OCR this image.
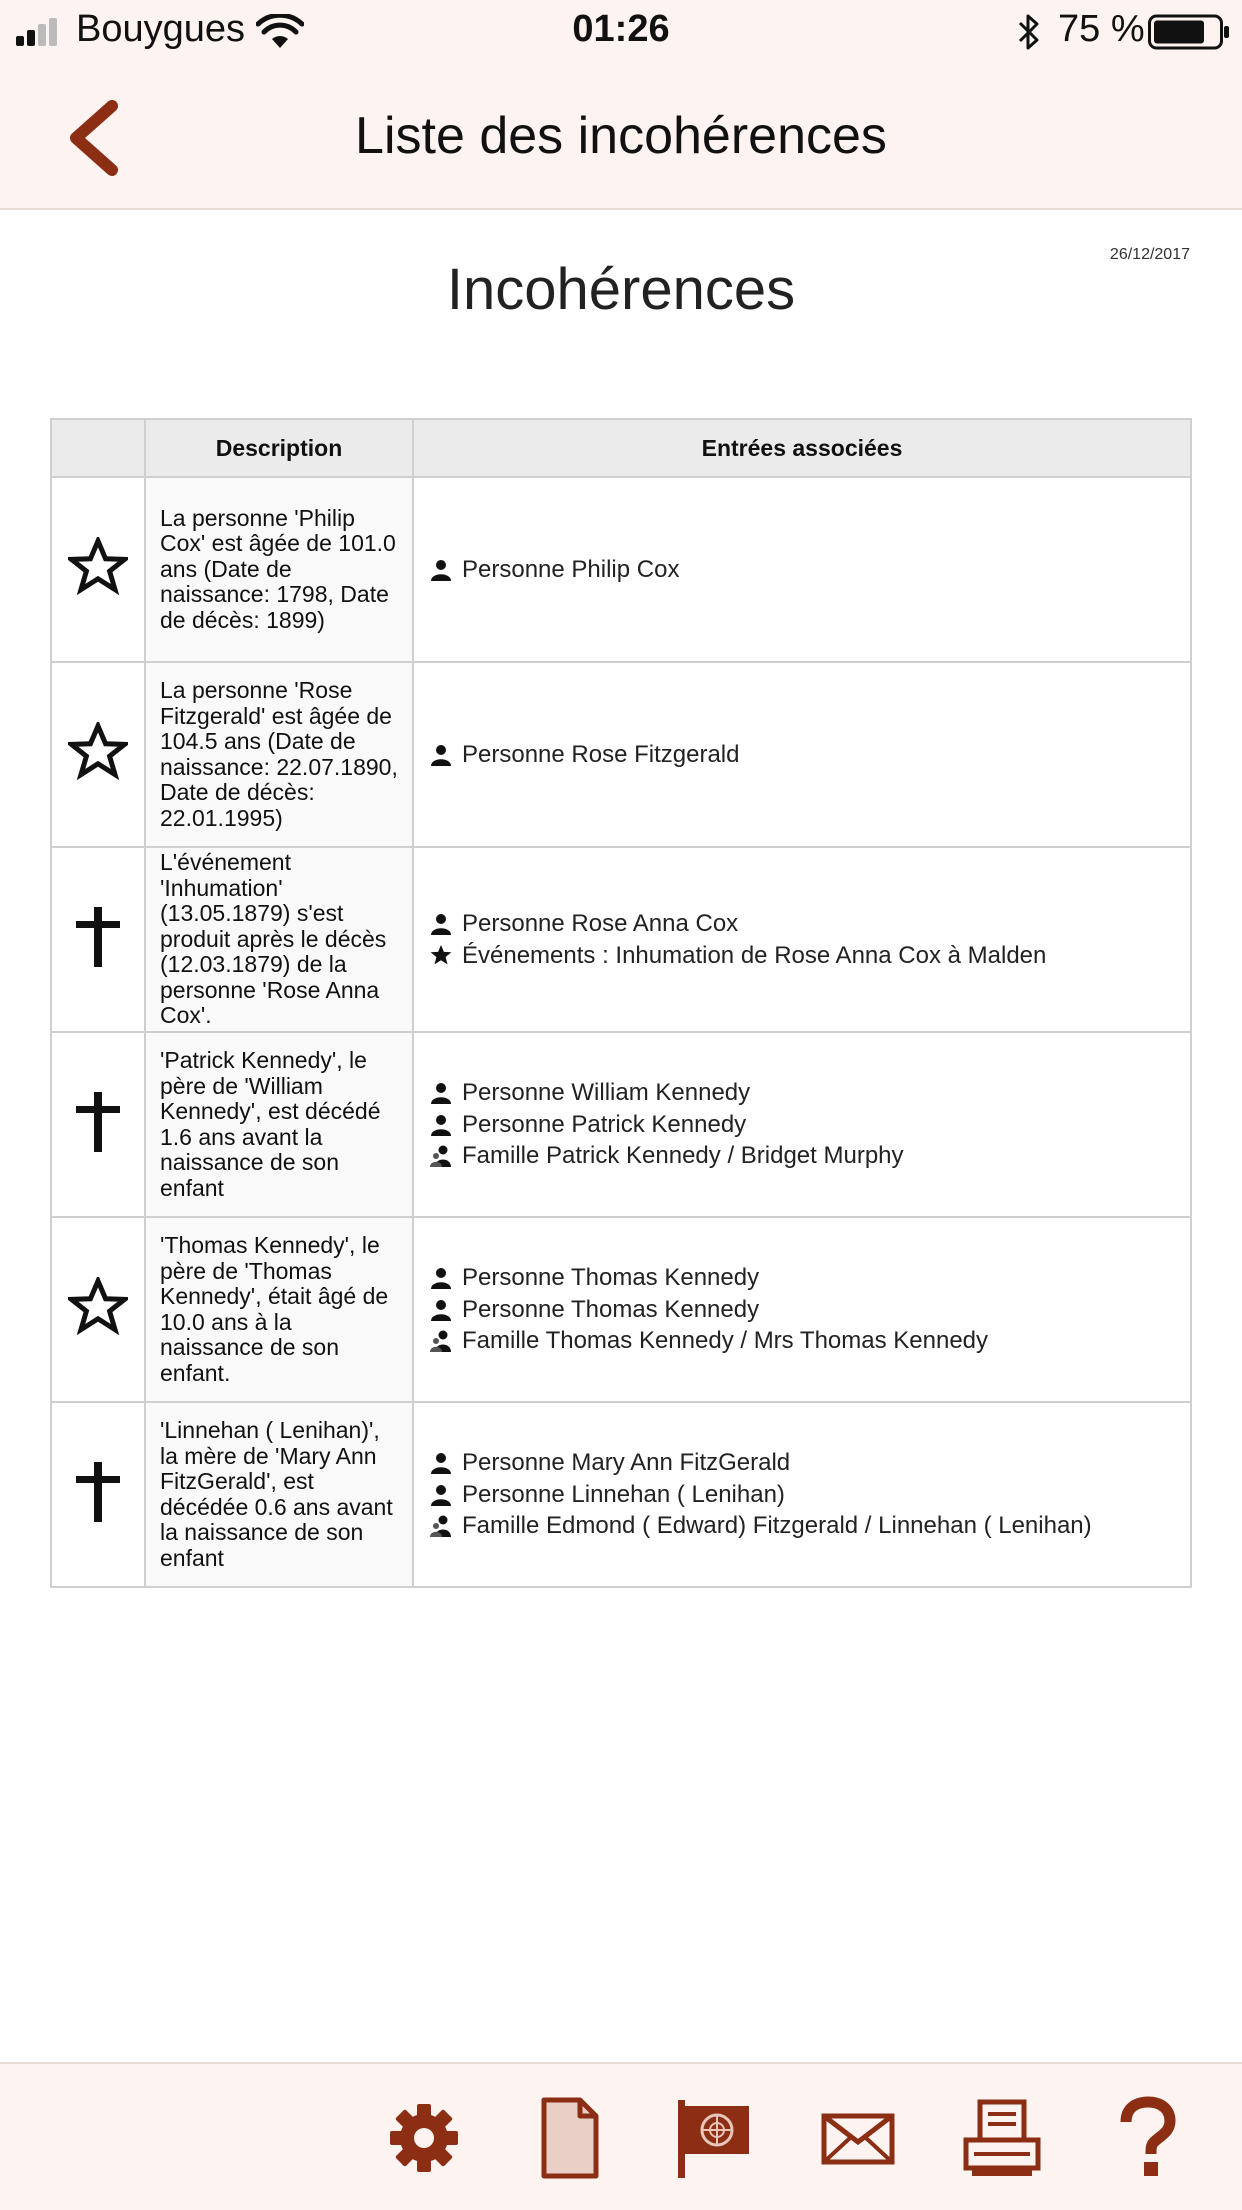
Bouygues	01:26	75 %
Liste des incohérences
26/12/2017
Incohérences
	Description	Entrées associées
	La personne 'Philip Cox' est âgée de 101.0 ans (Date de naissance: 1798, Date de décès: 1899)	Personne Philip Cox

	La personne 'Rose Fitzgerald' est âgée de 104.5 ans (Date de naissance: 22.07.1890, Date de décès: 22.01.1995)	Personne Rose Fitzgerald

	L'événement 'Inhumation' (13.05.1879) s'est produit après le décès (12.03.1879) de la personne 'Rose Anna Cox'.	Personne Rose Anna Cox
Événements : Inhumation de Rose Anna Cox à Malden

	'Patrick Kennedy', le père de 'William Kennedy', est décédé 1.6 ans avant la naissance de son enfant	Personne William Kennedy
Personne Patrick Kennedy
Famille Patrick Kennedy / Bridget Murphy

	'Thomas Kennedy', le père de 'Thomas Kennedy', était âgé de 10.0 ans à la naissance de son enfant.	Personne Thomas Kennedy
Personne Thomas Kennedy
Famille Thomas Kennedy / Mrs Thomas Kennedy

	'Linnehan ( Lenihan)', la mère de 'Mary Ann FitzGerald', est décédée 0.6 ans avant la naissance de son enfant	Personne Mary Ann FitzGerald
Personne Linnehan ( Lenihan)
Famille Edmond ( Edward) Fitzgerald / Linnehan ( Lenihan)
